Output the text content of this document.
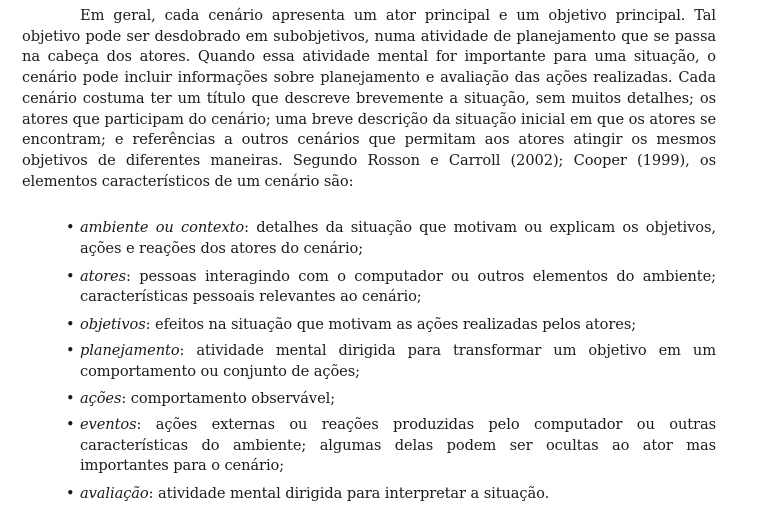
Em geral, cada cenário apresenta um ator principal e um objetivo principal. Tal objetivo pode ser desdobrado em subobjetivos, numa atividade de planejamento que se passa na cabeça dos atores. Quando essa atividade mental for importante para uma situação, o cenário pode incluir informações sobre planejamento e avaliação das ações realizadas. Cada cenário costuma ter um título que descreve brevemente a situação, sem muitos detalhes; os atores que participam do cenário; uma breve descrição da situação inicial em que os atores se encontram; e referências a outros cenários que permitam aos atores atingir os mesmos objetivos de diferentes maneiras. Segundo Rosson e Carroll (2002); Cooper (1999), os elementos característicos de um cenário são:

• ambiente ou contexto: detalhes da situação que motivam ou explicam os objetivos, ações e reações dos atores do cenário;
• atores: pessoas interagindo com o computador ou outros elementos do ambiente; características pessoais relevantes ao cenário;
• objetivos: efeitos na situação que motivam as ações realizadas pelos atores;
• planejamento: atividade mental dirigida para transformar um objetivo em um comportamento ou conjunto de ações;
• ações: comportamento observável;
• eventos: ações externas ou reações produzidas pelo computador ou outras características do ambiente; algumas delas podem ser ocultas ao ator mas importantes para o cenário;
• avaliação: atividade mental dirigida para interpretar a situação.
